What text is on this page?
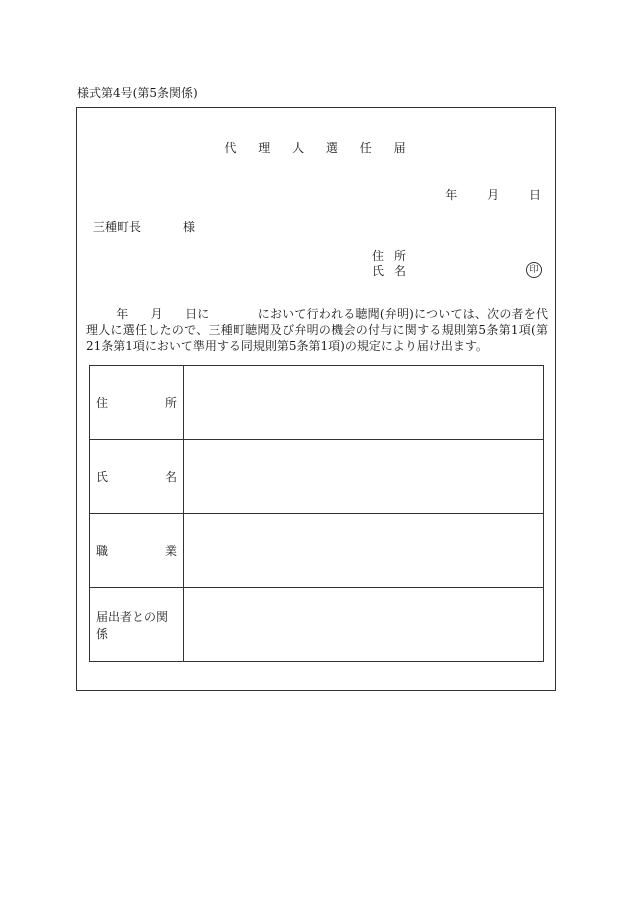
様式第4号(第5条関係)
代 理 人 選 任 届
年 月 日
三種町長	様
住所
氏名	印
年 月 日に	において行われる聴聞(弁明)については、次の者を代理人に選任したので、三種町聴聞及び弁明の機会の付与に関する規則第5条第1項(第21条第1項において準用する同規則第5条第1項)の規定により届け出ます。
住 所	

氏 名	

職 業	

届出者との関係	
